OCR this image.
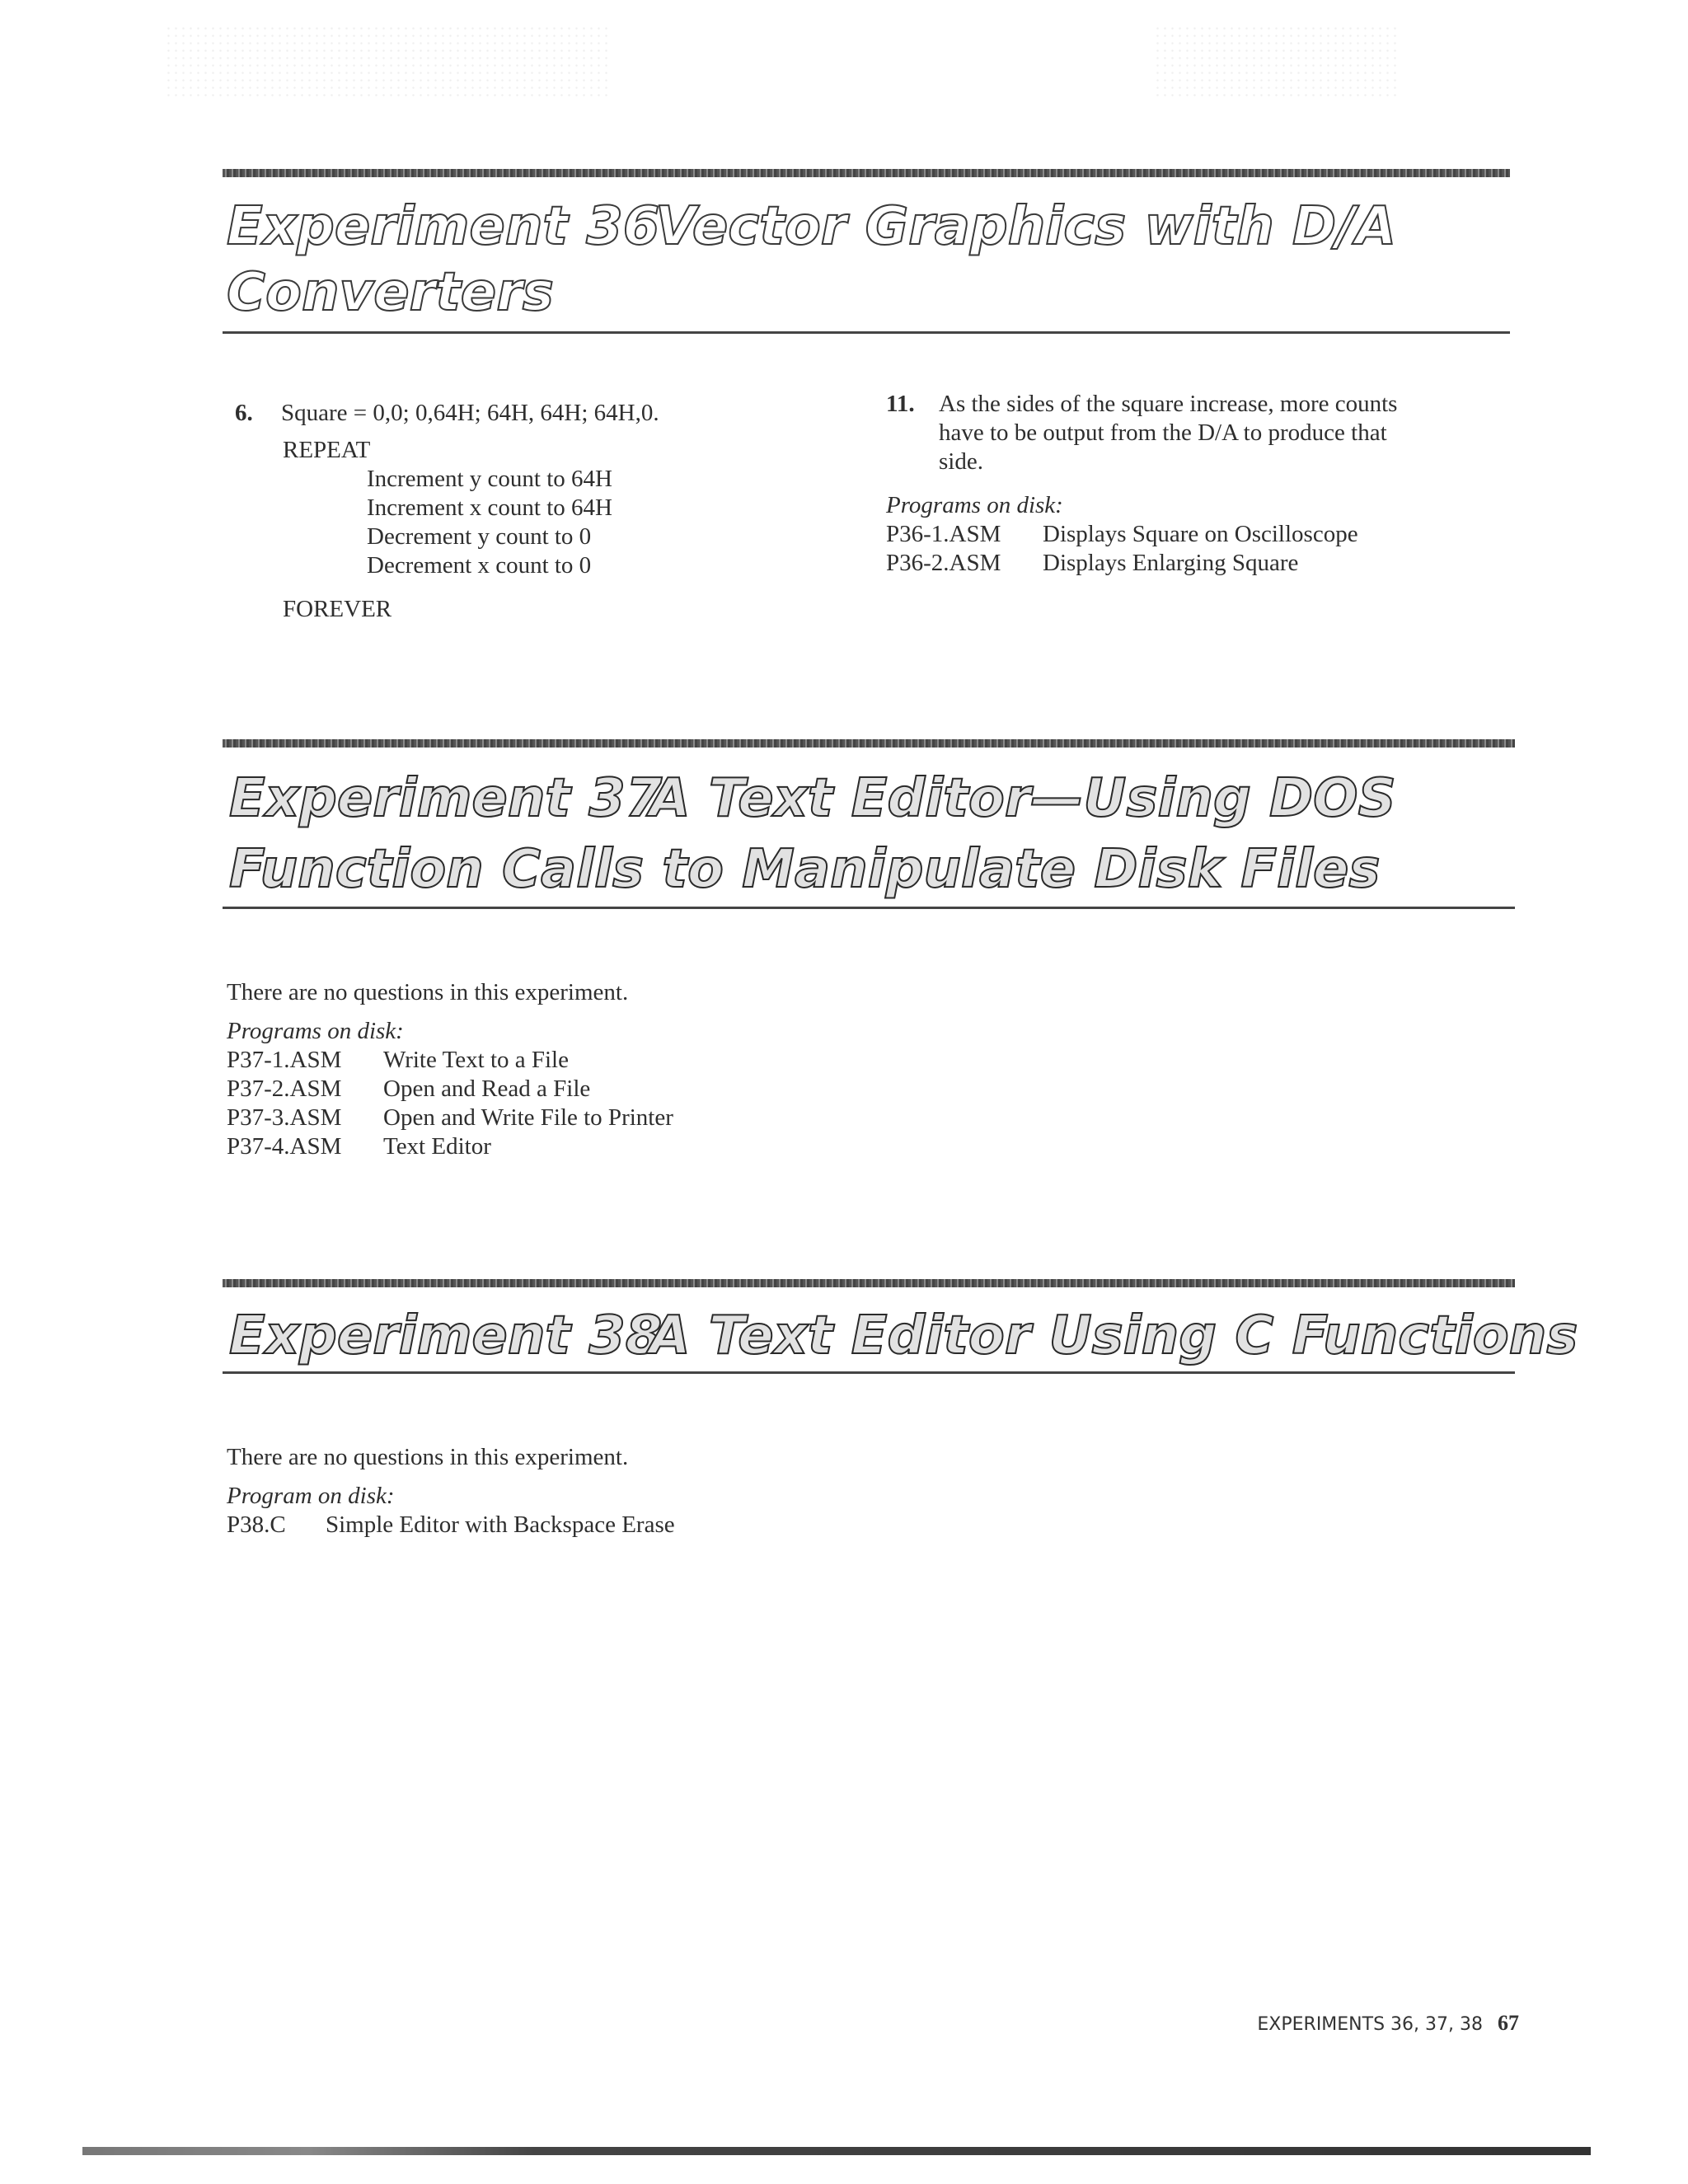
Experiment 36Vector Graphics with D/A
Converters
6. Square = 0,0; 0,64H; 64H, 64H; 64H,0.
REPEAT
Increment y count to 64H
Increment x count to 64H
Decrement y count to 0
Decrement x count to 0
FOREVER
11.	As the sides of the square increase, more counts
have to be output from the D/A to produce that
side.
Programs on disk:
P36-1.ASM	Displays Square on Oscilloscope
P36-2.ASM	Displays Enlarging Square
Experiment 37A Text Editor—Using DOS
Function Calls to Manipulate Disk Files
There are no questions in this experiment.
Programs on disk:
P37-1.ASM	Write Text to a File
P37-2.ASM	Open and Read a File
P37-3.ASM	Open and Write File to Printer
P37-4.ASM	Text Editor
Experiment 38A Text Editor Using C Functions
There are no questions in this experiment.
Program on disk:
P38.C	Simple Editor with Backspace Erase
EXPERIMENTS 36, 37, 38 67
